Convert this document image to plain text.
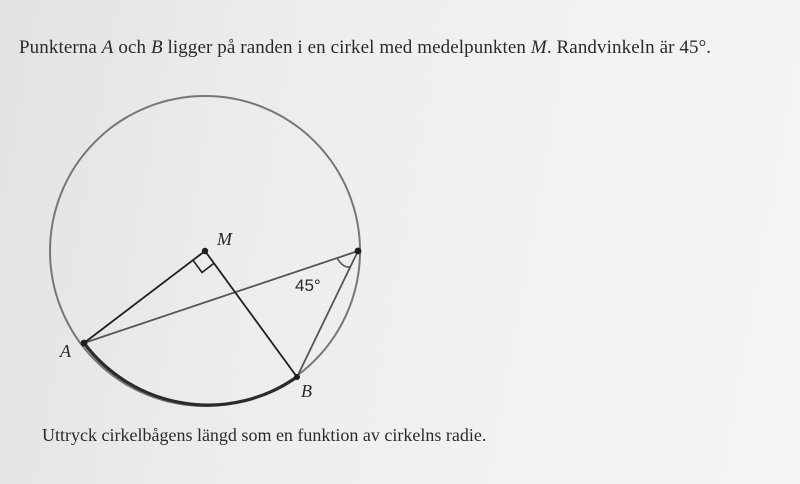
Punkterna A och B ligger på randen i en cirkel med medelpunkten M. Randvinkeln är 45°.
M
A
B
45°
Uttryck cirkelbågens längd som en funktion av cirkelns radie.
